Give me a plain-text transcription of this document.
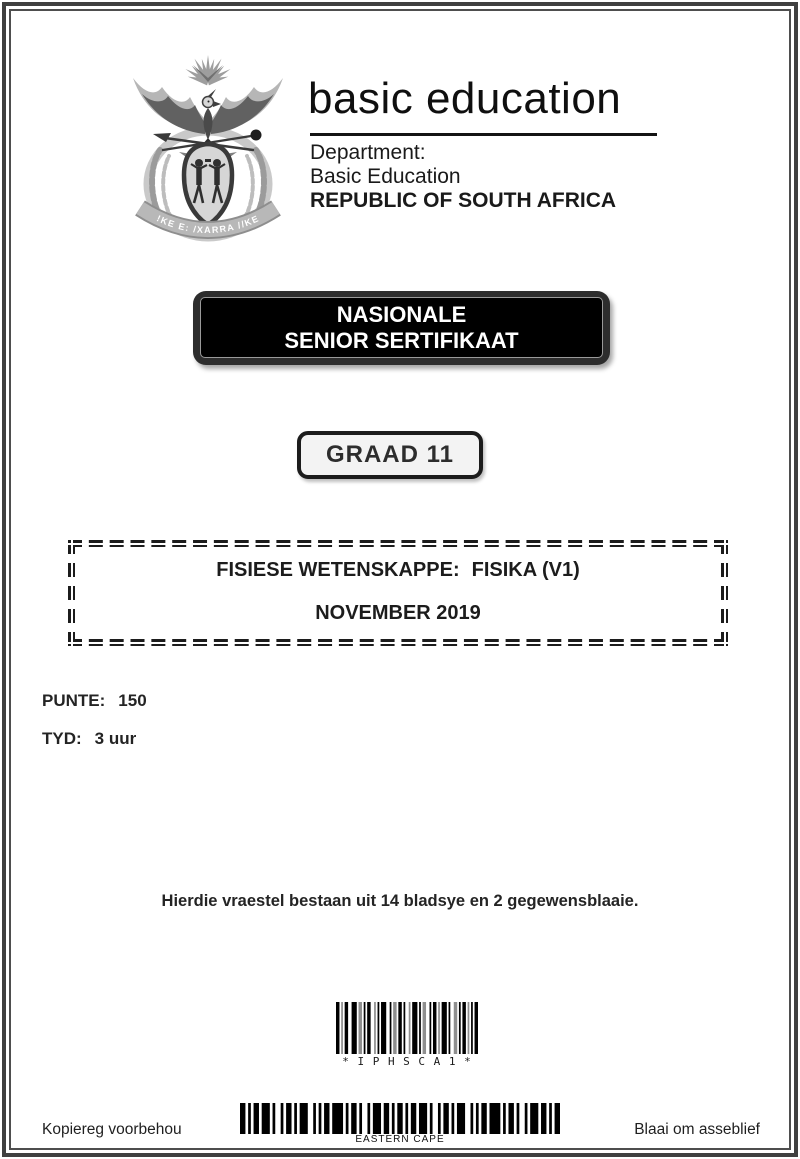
!KE E: /XARRA //KE
basic education
Department:
Basic Education
REPUBLIC OF SOUTH AFRICA
NASIONALE
SENIOR SERTIFIKAAT
GRAAD 11
FISIESE WETENSKAPPE: FISIKA (V1)
NOVEMBER 2019
PUNTE: 150
TYD: 3 uur
Hierdie vraestel bestaan uit 14 bladsye en 2 gegewensblaaie.
* I P H S C A 1 *
Kopiereg voorbehou
EASTERN CAPE
Blaai om asseblief
